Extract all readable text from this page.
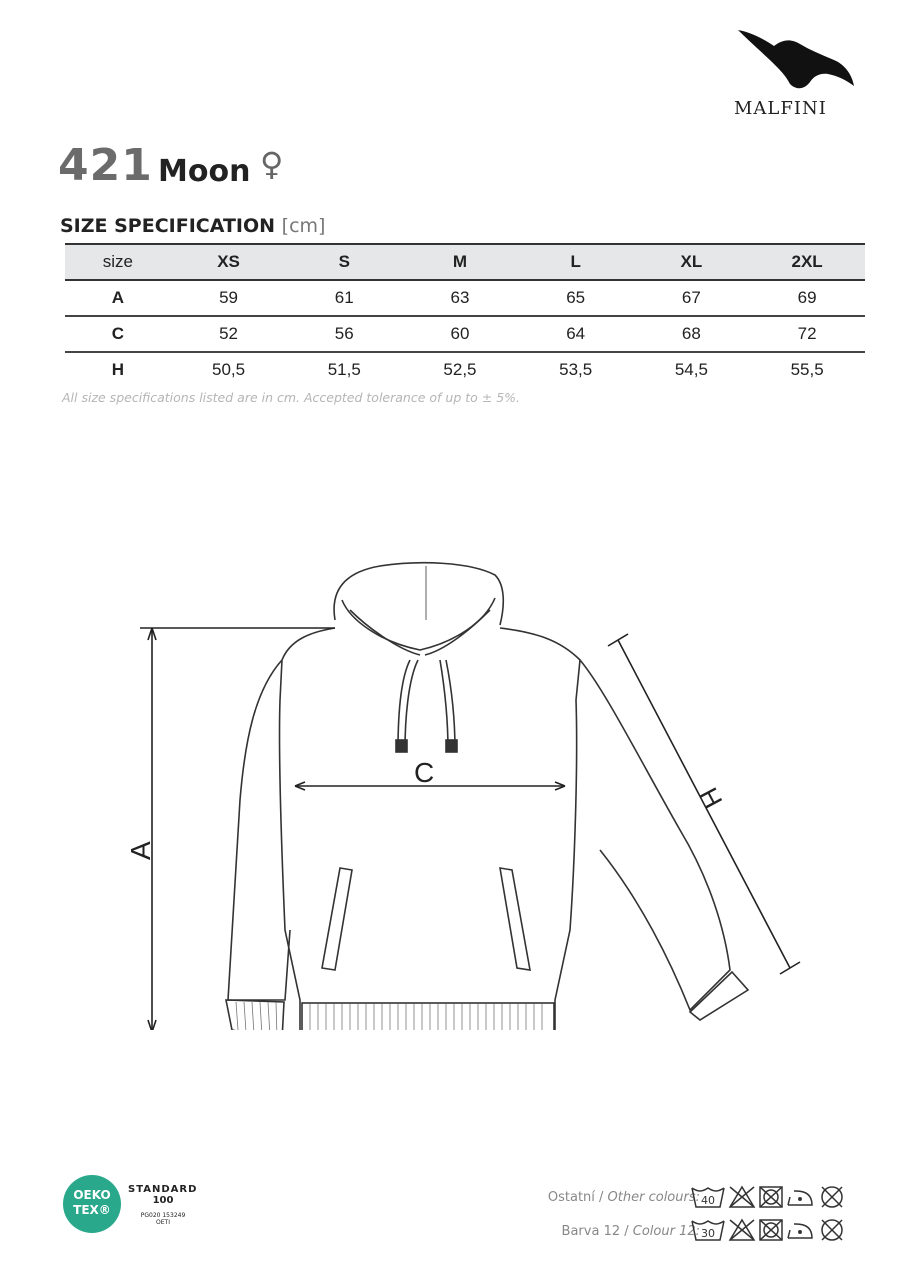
MALFINI
421 Moon ♀
SIZE SPECIFICATION [cm]
size	XS	S	M	L	XL	2XL
A	59	61	63	65	67	69
C	52	56	60	64	68	72
H	50,5	51,5	52,5	53,5	54,5	55,5
All size specifications listed are in cm. Accepted tolerance of up to ± 5%.
A
C
H
OEKO
TEX®
STANDARD
100
PG020 153249
OETI
Ostatní / Other colours:
Barva 12 / Colour 12:
40
30
